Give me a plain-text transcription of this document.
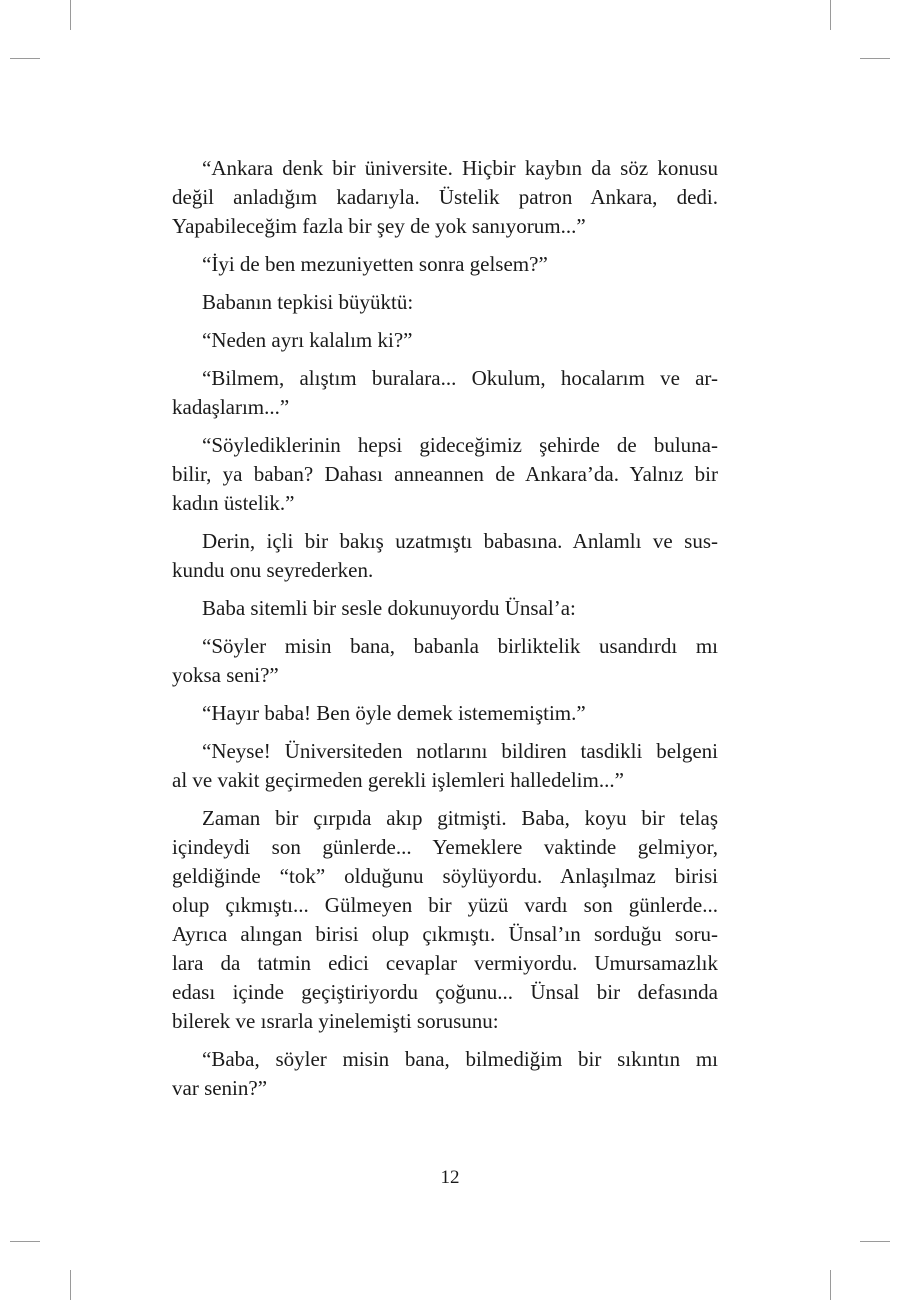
“Ankara denk bir üniversite. Hiçbir kaybın da söz konusu
değil anladığım kadarıyla. Üstelik patron Ankara, dedi.
Yapabileceğim fazla bir şey de yok sanıyorum...”

“İyi de ben mezuniyetten sonra gelsem?”

Babanın tepkisi büyüktü:

“Neden ayrı kalalım ki?”

“Bilmem, alıştım buralara... Okulum, hocalarım ve ar-
kadaşlarım...”

“Söylediklerinin hepsi gideceğimiz şehirde de buluna-
bilir, ya baban? Dahası anneannen de Ankara’da. Yalnız bir
kadın üstelik.”

Derin, içli bir bakış uzatmıştı babasına. Anlamlı ve sus-
kundu onu seyrederken.

Baba sitemli bir sesle dokunuyordu Ünsal’a:

“Söyler misin bana, babanla birliktelik usandırdı mı
yoksa seni?”

“Hayır baba! Ben öyle demek istememiştim.”

“Neyse! Üniversiteden notlarını bildiren tasdikli belgeni
al ve vakit geçirmeden gerekli işlemleri halledelim...”

Zaman bir çırpıda akıp gitmişti. Baba, koyu bir telaş
içindeydi son günlerde... Yemeklere vaktinde gelmiyor,
geldiğinde “tok” olduğunu söylüyordu. Anlaşılmaz birisi
olup çıkmıştı... Gülmeyen bir yüzü vardı son günlerde...
Ayrıca alıngan birisi olup çıkmıştı. Ünsal’ın sorduğu soru-
lara da tatmin edici cevaplar vermiyordu. Umursamazlık
edası içinde geçiştiriyordu çoğunu... Ünsal bir defasında
bilerek ve ısrarla yinelemişti sorusunu:

“Baba, söyler misin bana, bilmediğim bir sıkıntın mı
var senin?”

12
